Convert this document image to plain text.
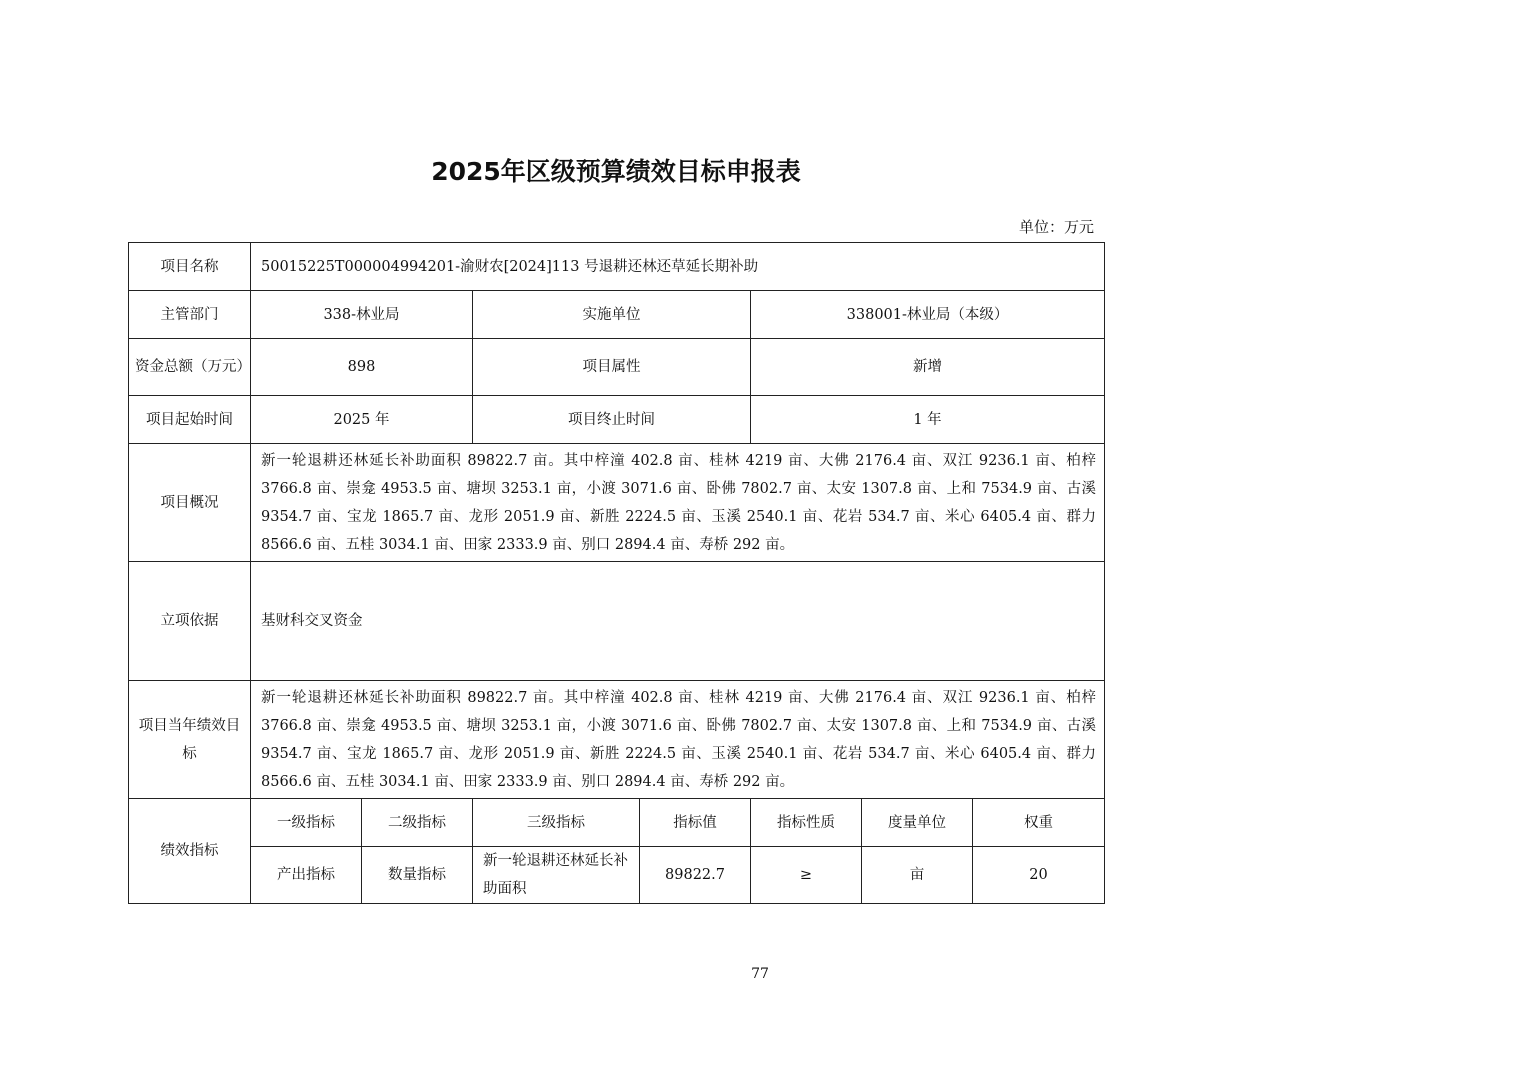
2025年区级预算绩效目标申报表
单位：万元
项目名称	50015225T000004994201-渝财农[2024]113 号退耕还林还草延长期补助						
主管部门	338-林业局		实施单位		338001-林业局（本级）		
资金总额（万元）	898		项目属性		新增		
项目起始时间	2025 年		项目终止时间		1 年		
项目概况	新一轮退耕还林延长补助面积 89822.7 亩。其中梓潼 402.8 亩、桂林 4219 亩、大佛 2176.4 亩、双江 9236.1 亩、柏梓 3766.8 亩、崇龛 4953.5 亩、塘坝 3253.1 亩，小渡 3071.6 亩、卧佛 7802.7 亩、太安 1307.8 亩、上和 7534.9 亩、古溪 9354.7 亩、宝龙 1865.7 亩、龙形 2051.9 亩、新胜 2224.5 亩、玉溪 2540.1 亩、花岩 534.7 亩、米心 6405.4 亩、群力 8566.6 亩、五桂 3034.1 亩、田家 2333.9 亩、别口 2894.4 亩、寿桥 292 亩。						
立项依据	基财科交叉资金						
项目当年绩效目标	新一轮退耕还林延长补助面积 89822.7 亩。其中梓潼 402.8 亩、桂林 4219 亩、大佛 2176.4 亩、双江 9236.1 亩、柏梓 3766.8 亩、崇龛 4953.5 亩、塘坝 3253.1 亩，小渡 3071.6 亩、卧佛 7802.7 亩、太安 1307.8 亩、上和 7534.9 亩、古溪 9354.7 亩、宝龙 1865.7 亩、龙形 2051.9 亩、新胜 2224.5 亩、玉溪 2540.1 亩、花岩 534.7 亩、米心 6405.4 亩、群力 8566.6 亩、五桂 3034.1 亩、田家 2333.9 亩、别口 2894.4 亩、寿桥 292 亩。						
绩效指标	一级指标	二级指标	三级指标	指标值	指标性质	度量单位	权重
	产出指标	数量指标	新一轮退耕还林延长补助面积	89822.7	≥	亩	20
77
